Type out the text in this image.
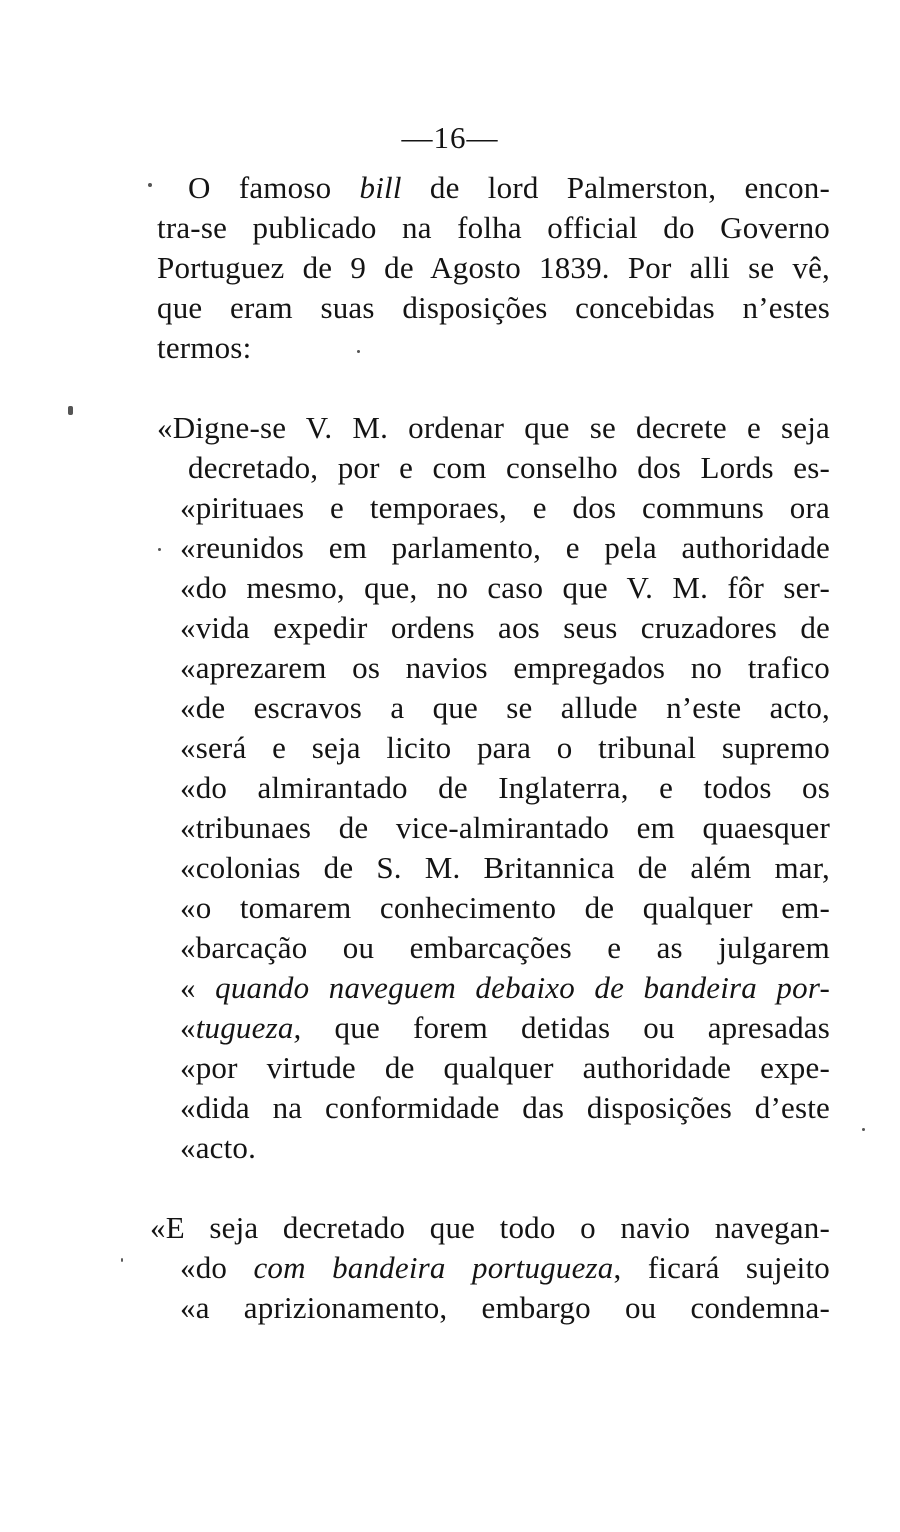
—16—
O famoso bill de lord Palmerston, encon-
tra-se publicado na folha official do Governo
Portuguez de 9 de Agosto 1839. Por alli se vê,
que eram suas disposições concebidas n’estes
termos:
«Digne-se V. M. ordenar que se decrete e seja
decretado, por e com conselho dos Lords es-
«pirituaes e temporaes, e dos communs ora
«reunidos em parlamento, e pela authoridade
«do mesmo, que, no caso que V. M. fôr ser-
«vida expedir ordens aos seus cruzadores de
«aprezarem os navios empregados no trafico
«de escravos a que se allude n’este acto,
«será e seja licito para o tribunal supremo
«do almirantado de Inglaterra, e todos os
«tribunaes de vice-almirantado em quaesquer
«colonias de S. M. Britannica de além mar,
«o tomarem conhecimento de qualquer em-
«barcação ou embarcações e as julgarem
« quando naveguem debaixo de bandeira por-
«tugueza, que forem detidas ou apresadas
«por virtude de qualquer authoridade expe-
«dida na conformidade das disposições d’este
«acto.
«E seja decretado que todo o navio navegan-
«do com bandeira portugueza, ficará sujeito
«a aprizionamento, embargo ou condemna-
